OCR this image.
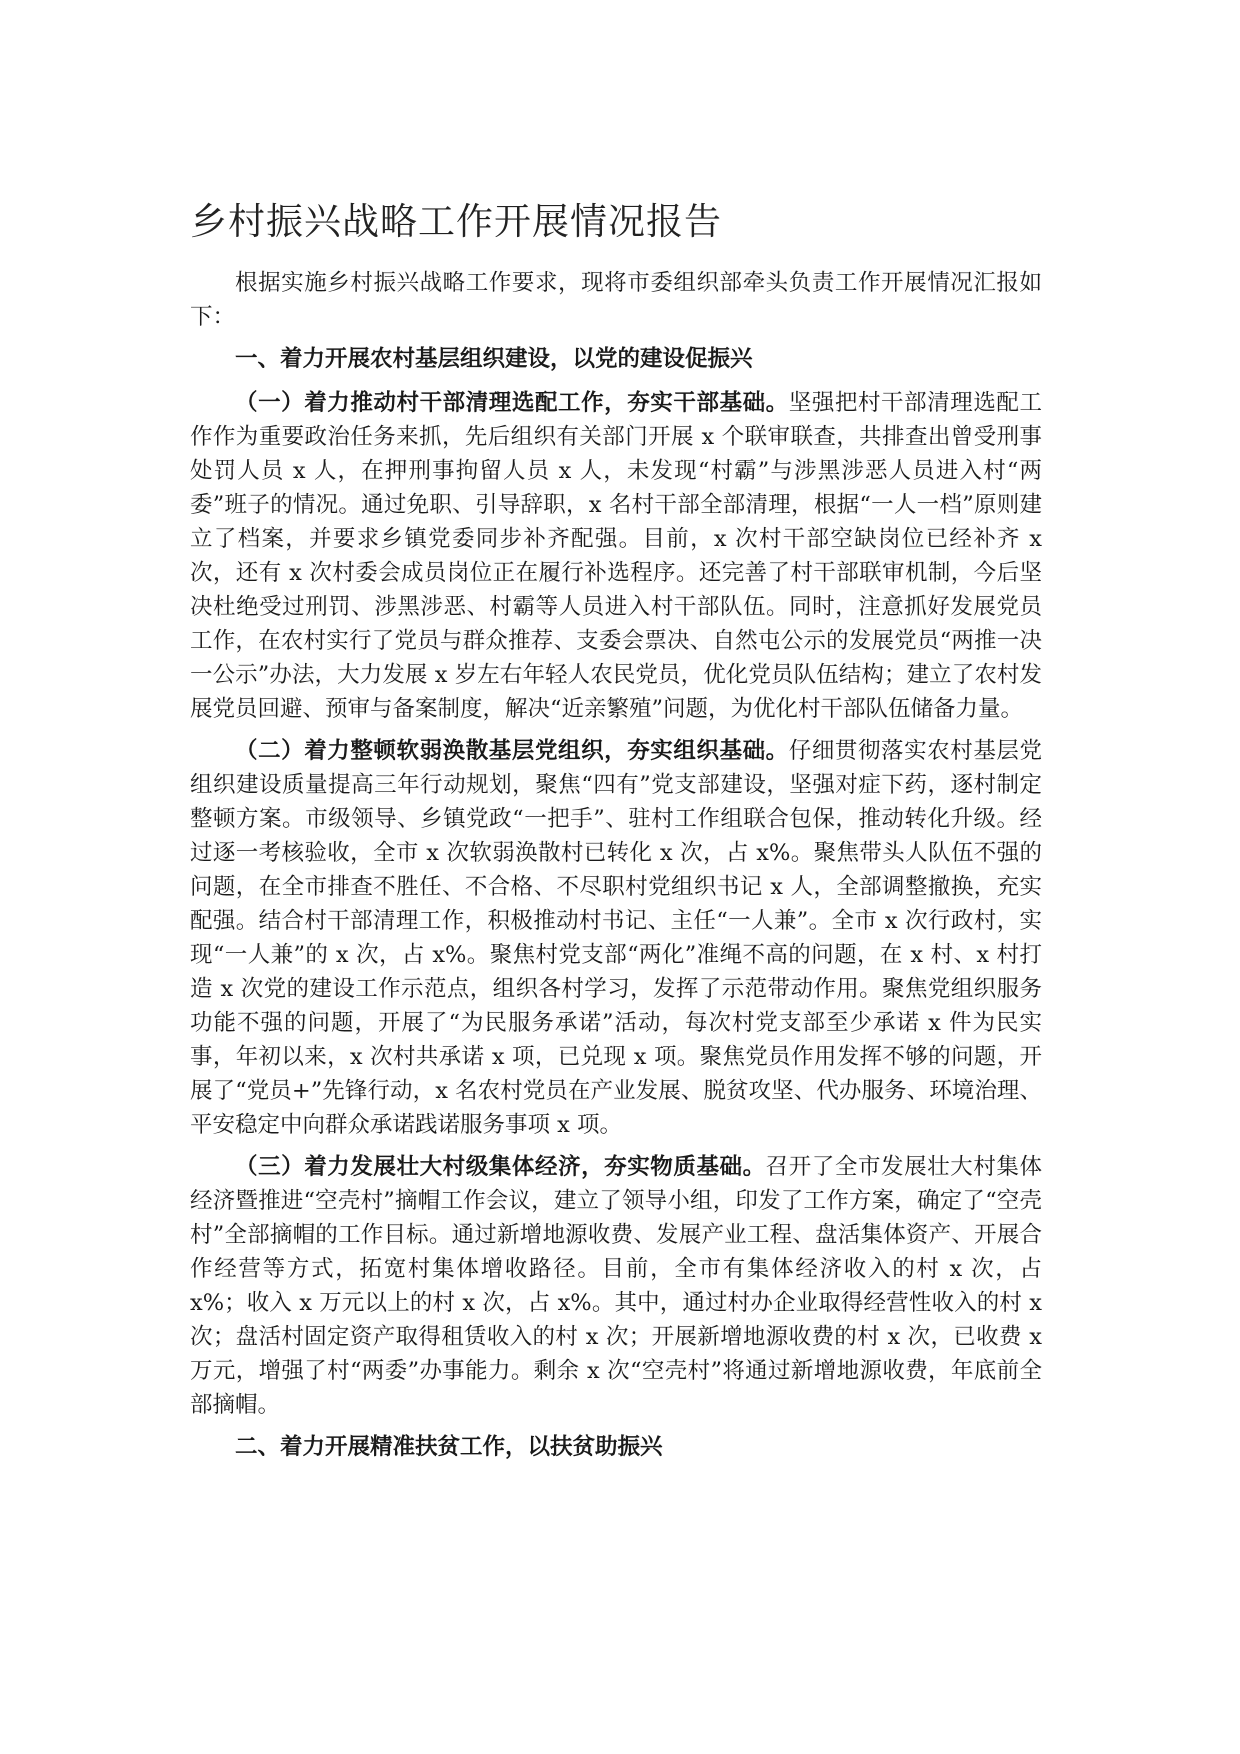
乡村振兴战略工作开展情况报告

根据实施乡村振兴战略工作要求，现将市委组织部牵头负责工作开展情况汇报如下：

一、着力开展农村基层组织建设，以党的建设促振兴

（一）着力推动村干部清理选配工作，夯实干部基础。坚强把村干部清理选配工作作为重要政治任务来抓，先后组织有关部门开展 x 个联审联查，共排查出曾受刑事处罚人员 x 人，在押刑事拘留人员 x 人，未发现“村霸”与涉黑涉恶人员进入村“两委”班子的情况。通过免职、引导辞职，x 名村干部全部清理，根据“一人一档”原则建立了档案，并要求乡镇党委同步补齐配强。目前，x 次村干部空缺岗位已经补齐 x 次，还有 x 次村委会成员岗位正在履行补选程序。还完善了村干部联审机制，今后坚决杜绝受过刑罚、涉黑涉恶、村霸等人员进入村干部队伍。同时，注意抓好发展党员工作，在农村实行了党员与群众推荐、支委会票决、自然屯公示的发展党员“两推一决一公示”办法，大力发展 x 岁左右年轻人农民党员，优化党员队伍结构；建立了农村发展党员回避、预审与备案制度，解决“近亲繁殖”问题，为优化村干部队伍储备力量。

（二）着力整顿软弱涣散基层党组织，夯实组织基础。仔细贯彻落实农村基层党组织建设质量提高三年行动规划，聚焦“四有”党支部建设，坚强对症下药，逐村制定整顿方案。市级领导、乡镇党政“一把手”、驻村工作组联合包保，推动转化升级。经过逐一考核验收，全市 x 次软弱涣散村已转化 x 次，占 x%。聚焦带头人队伍不强的问题，在全市排查不胜任、不合格、不尽职村党组织书记 x 人，全部调整撤换，充实配强。结合村干部清理工作，积极推动村书记、主任“一人兼”。全市 x 次行政村，实现“一人兼”的 x 次，占 x%。聚焦村党支部“两化”准绳不高的问题，在 x 村、x 村打造 x 次党的建设工作示范点，组织各村学习，发挥了示范带动作用。聚焦党组织服务功能不强的问题，开展了“为民服务承诺”活动，每次村党支部至少承诺 x 件为民实事，年初以来，x 次村共承诺 x 项，已兑现 x 项。聚焦党员作用发挥不够的问题，开展了“党员+”先锋行动，x 名农村党员在产业发展、脱贫攻坚、代办服务、环境治理、平安稳定中向群众承诺践诺服务事项 x 项。

（三）着力发展壮大村级集体经济，夯实物质基础。召开了全市发展壮大村集体经济暨推进“空壳村”摘帽工作会议，建立了领导小组，印发了工作方案，确定了“空壳村”全部摘帽的工作目标。通过新增地源收费、发展产业工程、盘活集体资产、开展合作经营等方式，拓宽村集体增收路径。目前，全市有集体经济收入的村 x 次，占 x%；收入 x 万元以上的村 x 次，占 x%。其中，通过村办企业取得经营性收入的村 x 次；盘活村固定资产取得租赁收入的村 x 次；开展新增地源收费的村 x 次，已收费 x 万元，增强了村“两委”办事能力。剩余 x 次“空壳村”将通过新增地源收费，年底前全部摘帽。

二、着力开展精准扶贫工作，以扶贫助振兴
